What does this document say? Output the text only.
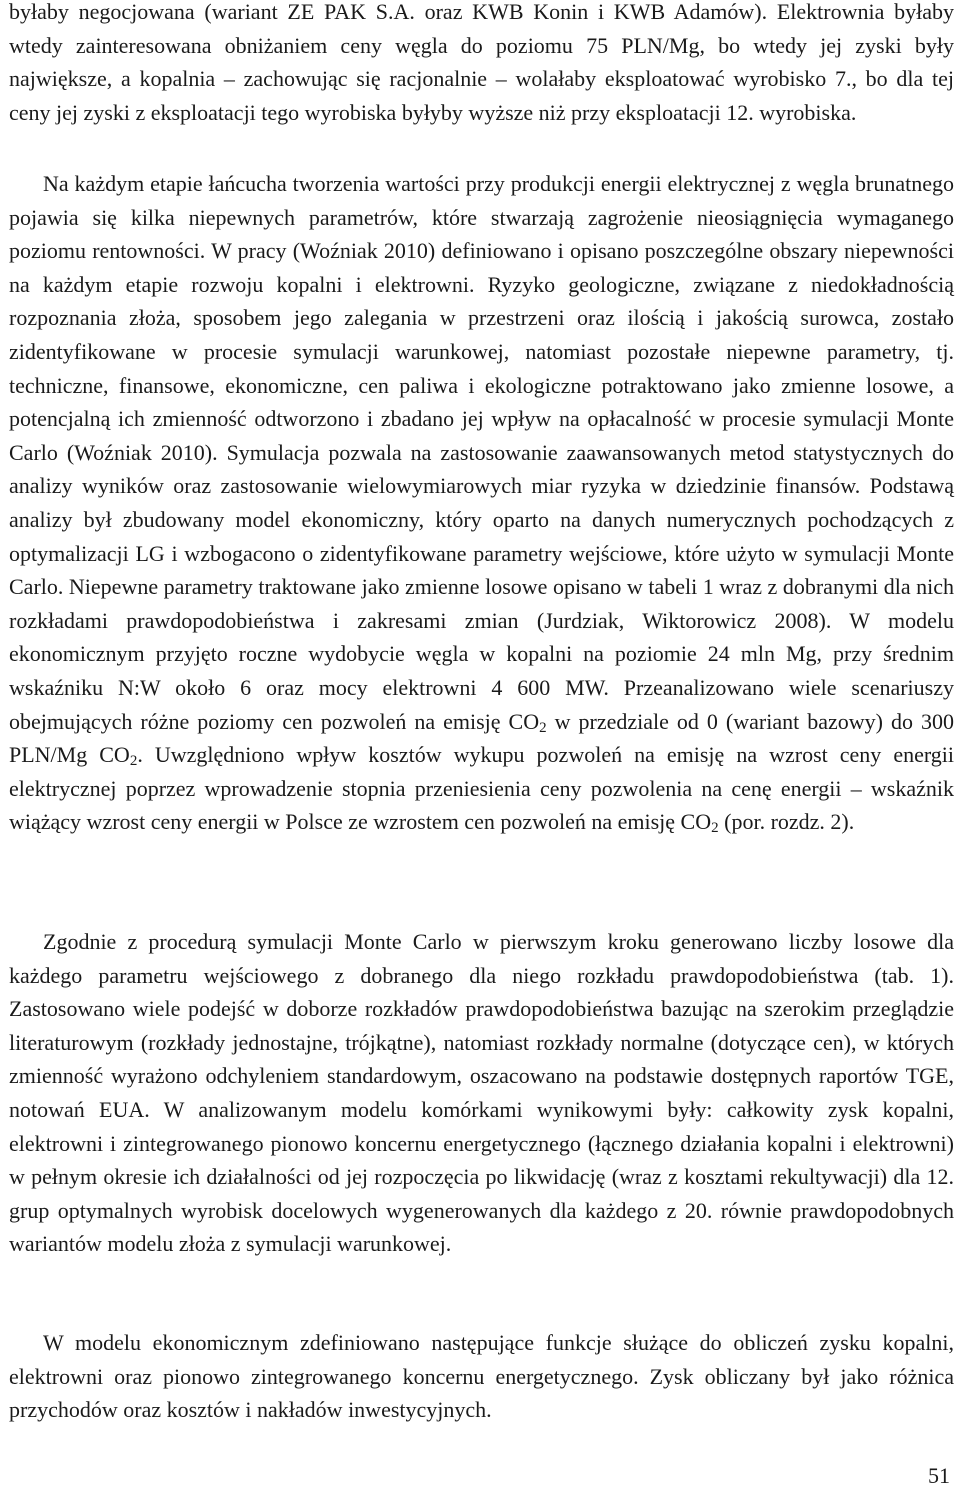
byłaby negocjowana (wariant ZE PAK S.A. oraz KWB Konin i KWB Adamów). Elektrownia byłaby wtedy zainteresowana obniżaniem ceny węgla do poziomu 75 PLN/Mg, bo wtedy jej zyski były największe, a kopalnia – zachowując się racjonalnie – wolałaby eksploatować wyrobisko 7., bo dla tej ceny jej zyski z eksploatacji tego wyrobiska byłyby wyższe niż przy eksploatacji 12. wyrobiska.

Na każdym etapie łańcucha tworzenia wartości przy produkcji energii elektrycznej z węgla brunatnego pojawia się kilka niepewnych parametrów, które stwarzają zagrożenie nieosiągnięcia wymaganego poziomu rentowności. W pracy (Woźniak 2010) definiowano i opisano poszczególne obszary niepewności na każdym etapie rozwoju kopalni i elektrowni. Ryzyko geologiczne, związane z niedokładnością rozpoznania złoża, sposobem jego zalegania w przestrzeni oraz ilością i jakością surowca, zostało zidentyfikowane w procesie symulacji warunkowej, natomiast pozostałe niepewne parametry, tj. techniczne, finansowe, ekonomiczne, cen paliwa i ekologiczne potraktowano jako zmienne losowe, a potencjalną ich zmienność odtworzono i zbadano jej wpływ na opłacalność w procesie symulacji Monte Carlo (Woźniak 2010). Symulacja pozwala na zastosowanie zaawansowanych metod statystycznych do analizy wyników oraz zastosowanie wielowymiarowych miar ryzyka w dziedzinie finansów. Podstawą analizy był zbudowany model ekonomiczny, który oparto na danych numerycznych pochodzących z optymalizacji LG i wzbogacono o zidentyfikowane parametry wejściowe, które użyto w symulacji Monte Carlo. Niepewne parametry traktowane jako zmienne losowe opisano w tabeli 1 wraz z dobranymi dla nich rozkładami prawdopodobieństwa i zakresami zmian (Jurdziak, Wiktorowicz 2008). W modelu ekonomicznym przyjęto roczne wydobycie węgla w kopalni na poziomie 24 mln Mg, przy średnim wskaźniku N:W około 6 oraz mocy elektrowni 4 600 MW. Przeanalizowano wiele scenariuszy obejmujących różne poziomy cen pozwoleń na emisję $CO_2$ w przedziale od 0 (wariant bazowy) do 300 PLN/Mg $CO_2$. Uwzględniono wpływ kosztów wykupu pozwoleń na emisję na wzrost ceny energii elektrycznej poprzez wprowadzenie stopnia przeniesienia ceny pozwolenia na cenę energii – wskaźnik wiążący wzrost ceny energii w Polsce ze wzrostem cen pozwoleń na emisję $CO_2$ (por. rozdz. 2).

Zgodnie z procedurą symulacji Monte Carlo w pierwszym kroku generowano liczby losowe dla każdego parametru wejściowego z dobranego dla niego rozkładu prawdopodobieństwa (tab. 1). Zastosowano wiele podejść w doborze rozkładów prawdopodobieństwa bazując na szerokim przeglądzie literaturowym (rozkłady jednostajne, trójkątne), natomiast rozkłady normalne (dotyczące cen), w których zmienność wyrażono odchyleniem standardowym, oszacowano na podstawie dostępnych raportów TGE, notowań EUA. W analizowanym modelu komórkami wynikowymi były: całkowity zysk kopalni, elektrowni i zintegrowanego pionowo koncernu energetycznego (łącznego działania kopalni i elektrowni) w pełnym okresie ich działalności od jej rozpoczęcia po likwidację (wraz z kosztami rekultywacji) dla 12. grup optymalnych wyrobisk docelowych wygenerowanych dla każdego z 20. równie prawdopodobnych wariantów modelu złoża z symulacji warunkowej.

W modelu ekonomicznym zdefiniowano następujące funkcje służące do obliczeń zysku kopalni, elektrowni oraz pionowo zintegrowanego koncernu energetycznego. Zysk obliczany był jako różnica przychodów oraz kosztów i nakładów inwestycyjnych.

51
